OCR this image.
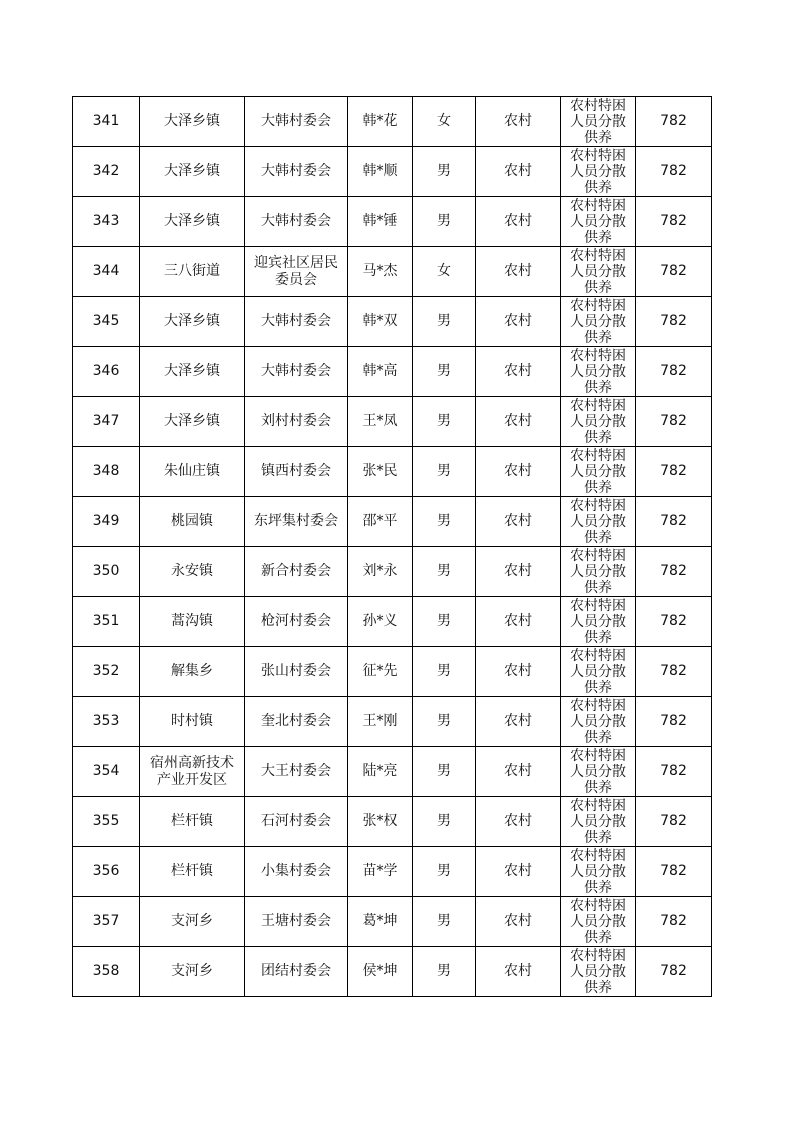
341	大泽乡镇	大韩村委会	韩*花	女	农村	农村特困人员分散供养	782
342	大泽乡镇	大韩村委会	韩*顺	男	农村	农村特困人员分散供养	782
343	大泽乡镇	大韩村委会	韩*锤	男	农村	农村特困人员分散供养	782
344	三八街道	迎宾社区居民委员会	马*杰	女	农村	农村特困人员分散供养	782
345	大泽乡镇	大韩村委会	韩*双	男	农村	农村特困人员分散供养	782
346	大泽乡镇	大韩村委会	韩*高	男	农村	农村特困人员分散供养	782
347	大泽乡镇	刘村村委会	王*凤	男	农村	农村特困人员分散供养	782
348	朱仙庄镇	镇西村委会	张*民	男	农村	农村特困人员分散供养	782
349	桃园镇	东坪集村委会	邵*平	男	农村	农村特困人员分散供养	782
350	永安镇	新合村委会	刘*永	男	农村	农村特困人员分散供养	782
351	蒿沟镇	枪河村委会	孙*义	男	农村	农村特困人员分散供养	782
352	解集乡	张山村委会	征*先	男	农村	农村特困人员分散供养	782
353	时村镇	奎北村委会	王*刚	男	农村	农村特困人员分散供养	782
354	宿州高新技术产业开发区	大王村委会	陆*亮	男	农村	农村特困人员分散供养	782
355	栏杆镇	石河村委会	张*权	男	农村	农村特困人员分散供养	782
356	栏杆镇	小集村委会	苗*学	男	农村	农村特困人员分散供养	782
357	支河乡	王塘村委会	葛*坤	男	农村	农村特困人员分散供养	782
358	支河乡	团结村委会	侯*坤	男	农村	农村特困人员分散供养	782
